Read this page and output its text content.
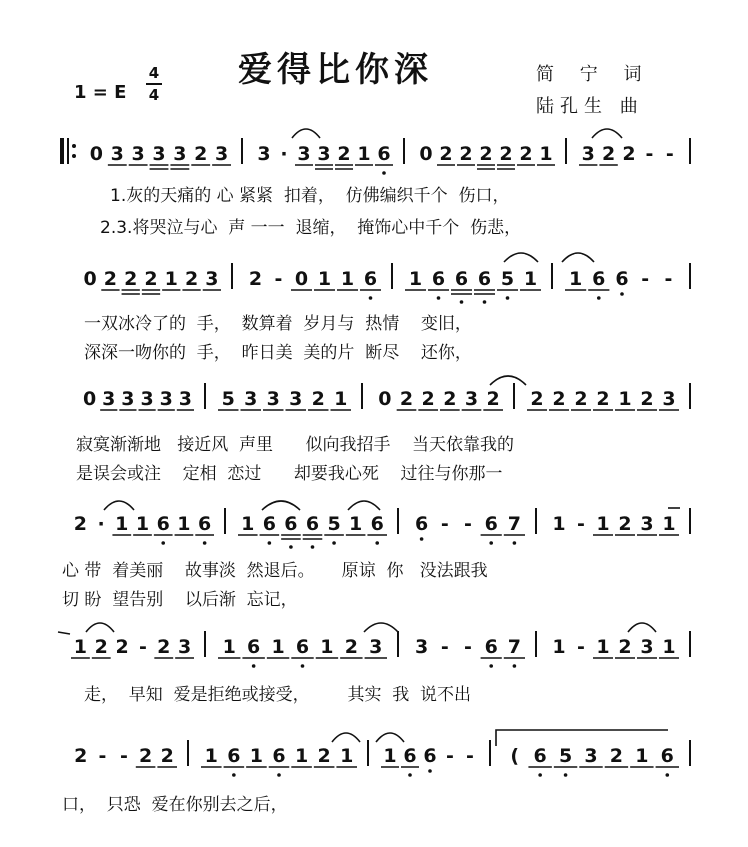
爱得比你深	简 宁 词
陆孔生 曲
1 = E
4
4
0 3 3 3 3 2 3 3 · 3 3 2 1 6 0 2 2 2 2 2 1 3 2 2 - -
0 2 2 2 1 2 3 2 - 0 1 1 6 1 6 6 6 5 1 1 6 6 - -
0 3 3 3 3 3 5 3 3 3 2 1 0 2 2 2 3 2 2 2 2 2 1 2 3
2 · 1 1 6 1 6 1 6 6 6 5 1 6 6 - - 6 7 1 - 1 2 3 1
1 2 2 - 2 3 1 6 1 6 1 2 3 3 - - 6 7 1 - 1 2 3 1
2 - - 2 2 1 6 1 6 1 2 1 1 6 6 - - ( 6 5 3 2 1 6
1.灰的天痛的 心 紧紧  扣着，  仿佛编织千个  伤口，
2.3.将哭泣与心  声 一一  退缩，  掩饰心中千个  伤悲，
一双冰冷了的  手，  数算着  岁月与  热情    变旧，
深深一吻你的  手，  昨日美  美的片  断尽    还你，
寂寞渐渐地   接近风  声里      似向我招手    当天依靠我的
是误会或注    定相  恋过      却要我心死    过往与你那一
心 带  着美丽    故事淡  然退后。     原谅  你   没法跟我
切 盼  望告别    以后渐  忘记，
走，  早知  爱是拒绝或接受，       其实  我  说不出
口，  只恐  爱在你别去之后，
